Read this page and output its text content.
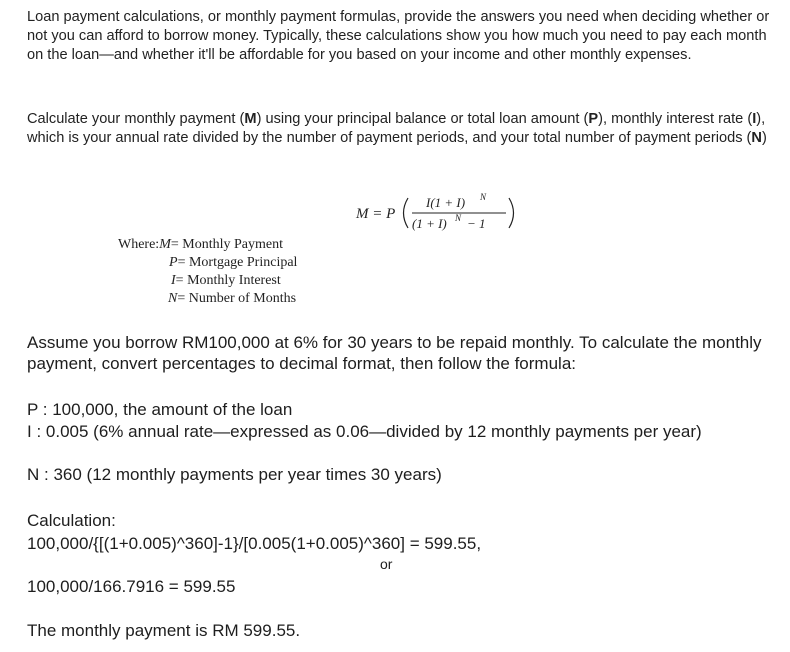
Loan payment calculations, or monthly payment formulas, provide the answers you need when deciding whether or not you can afford to borrow money. Typically, these calculations show you how much you need to pay each month on the loan—and whether it'll be affordable for you based on your income and other monthly expenses.

Calculate your monthly payment (M) using your principal balance or total loan amount (P), monthly interest rate (I), which is your annual rate divided by the number of payment periods, and your total number of payment periods (N)

M = P
I(1 + I) N
(1 + I) N − 1
Where:M= Monthly Payment
P= Mortgage Principal
I= Monthly Interest
N= Number of Months

Assume you borrow RM100,000 at 6% for 30 years to be repaid monthly. To calculate the monthly payment, convert percentages to decimal format, then follow the formula:

P : 100,000, the amount of the loan

I : 0.005 (6% annual rate—expressed as 0.06—divided by 12 monthly payments per year)

N : 360 (12 monthly payments per year times 30 years)

Calculation:

100,000/{[(1+0.005)^360]-1}/[0.005(1+0.005)^360] = 599.55,

or

100,000/166.7916 = 599.55

The monthly payment is RM 599.55.
